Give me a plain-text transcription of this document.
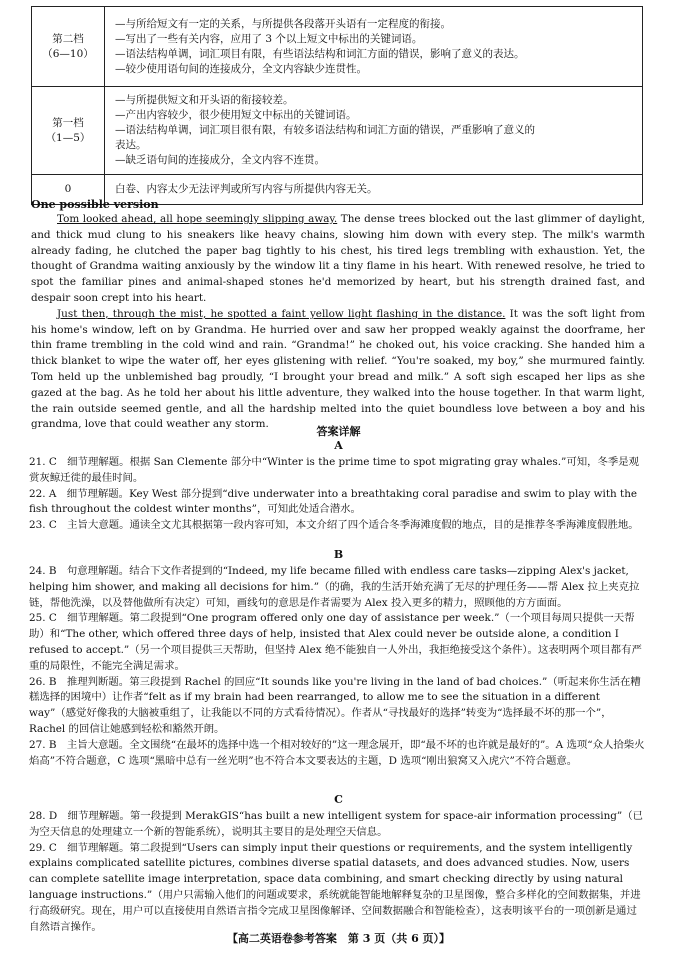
第二档
（6—10）	—与所给短文有一定的关系，与所提供各段落开头语有一定程度的衔接。
—写出了一些有关内容，应用了 3 个以上短文中标出的关键词语。
—语法结构单调，词汇项目有限，有些语法结构和词汇方面的错误，影响了意义的表达。
—较少使用语句间的连接成分，全文内容缺少连贯性。

第一档
（1—5）	—与所提供短文和开头语的衔接较差。
—产出内容较少，很少使用短文中标出的关键词语。
—语法结构单调，词汇项目很有限，有较多语法结构和词汇方面的错误，严重影响了意义的
表达。
—缺乏语句间的连接成分，全文内容不连贯。

0	白卷、内容太少无法评判或所写内容与所提供内容无关。
One possible version

Tom looked ahead, all hope seemingly slipping away. The dense trees blocked out the last glimmer of daylight, and thick mud clung to his sneakers like heavy chains, slowing him down with every step. The milk's warmth already fading, he clutched the paper bag tightly to his chest, his tired legs trembling with exhaustion. Yet, the thought of Grandma waiting anxiously by the window lit a tiny flame in his heart. With renewed resolve, he tried to spot the familiar pines and animal-shaped stones he'd memorized by heart, but his strength drained fast, and despair soon crept into his heart.

Just then, through the mist, he spotted a faint yellow light flashing in the distance. It was the soft light from his home's window, left on by Grandma. He hurried over and saw her propped weakly against the doorframe, her thin frame trembling in the cold wind and rain. “Grandma!” he choked out, his voice cracking. She handed him a thick blanket to wipe the water off, her eyes glistening with relief. “You're soaked, my boy,” she murmured faintly. Tom held up the unblemished bag proudly, “I brought your bread and milk.” A soft sigh escaped her lips as she gazed at the bag. As he told her about his little adventure, they walked into the house together. In that warm light, the rain outside seemed gentle, and all the hardship melted into the quiet boundless love between a boy and his grandma, love that could weather any storm.

答案详解
A
21. C　细节理解题。根据 San Clemente 部分中“Winter is the prime time to spot migrating gray whales.”可知，冬季是观赏灰鲸迁徙的最佳时间。
22. A　细节理解题。Key West 部分提到“dive underwater into a breathtaking coral paradise and swim to play with the fish throughout the coldest winter months”，可知此处适合潜水。
23. C　主旨大意题。通读全文尤其根据第一段内容可知，本文介绍了四个适合冬季海滩度假的地点，目的是推荐冬季海滩度假胜地。
B
24. B　句意理解题。结合下文作者提到的“Indeed, my life became filled with endless care tasks—zipping Alex's jacket, helping him shower, and making all decisions for him.”（的确，我的生活开始充满了无尽的护理任务——帮 Alex 拉上夹克拉链，帮他洗澡，以及替他做所有决定）可知，画线句的意思是作者需要为 Alex 投入更多的精力，照顾他的方方面面。
25. C　细节理解题。第二段提到“One program offered only one day of assistance per week.”（一个项目每周只提供一天帮助）和“The other, which offered three days of help, insisted that Alex could never be outside alone, a condition I refused to accept.”（另一个项目提供三天帮助，但坚持 Alex 绝不能独自一人外出，我拒绝接受这个条件）。这表明两个项目都有严重的局限性，不能完全满足需求。
26. B　推理判断题。第三段提到 Rachel 的回应“It sounds like you're living in the land of bad choices.”（听起来你生活在糟糕选择的困境中）让作者“felt as if my brain had been rearranged, to allow me to see the situation in a different way”（感觉好像我的大脑被重组了，让我能以不同的方式看待情况）。作者从“寻找最好的选择”转变为“选择最不坏的那一个”，Rachel 的回信让她感到轻松和豁然开朗。
27. B　主旨大意题。全文围绕“在最坏的选择中选一个相对较好的”这一理念展开，即“最不坏的也许就是最好的”。A 选项“众人拾柴火焰高”不符合题意，C 选项“黑暗中总有一丝光明”也不符合本文要表达的主题，D 选项“刚出狼窝又入虎穴”不符合题意。
C
28. D　细节理解题。第一段提到 MerakGIS“has built a new intelligent system for space-air information processing”（已为空天信息的处理建立一个新的智能系统），说明其主要目的是处理空天信息。
29. C　细节理解题。第二段提到“Users can simply input their questions or requirements, and the system intelligently explains complicated satellite pictures, combines diverse spatial datasets, and does advanced studies. Now, users can complete satellite image interpretation, space data combining, and smart checking directly by using natural language instructions.”（用户只需输入他们的问题或要求，系统就能智能地解释复杂的卫星图像，整合多样化的空间数据集，并进行高级研究。现在，用户可以直接使用自然语言指令完成卫星图像解译、空间数据融合和智能检查），这表明该平台的一项创新是通过自然语言操作。
【高二英语卷参考答案　第 3 页（共 6 页）】
